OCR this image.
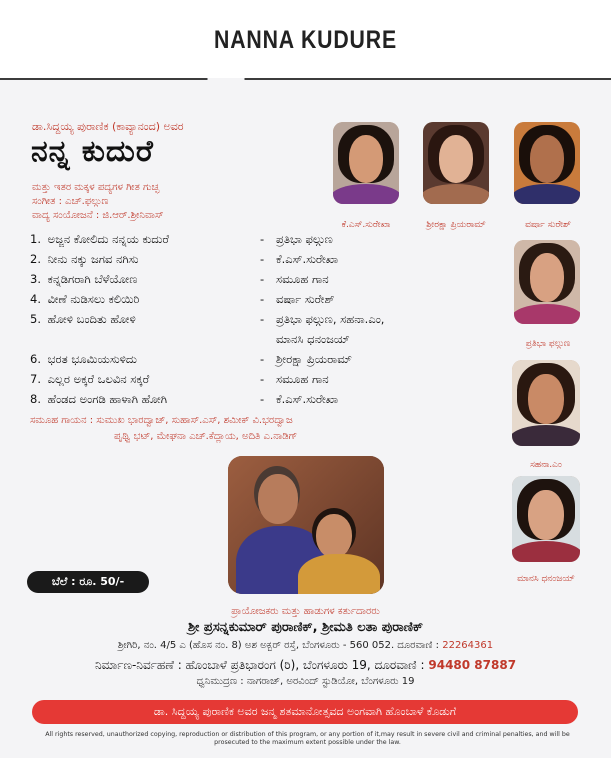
NANNA KUDURE
ಡಾ.ಸಿದ್ದಯ್ಯ ಪುರಾಣಿಕ (ಕಾವ್ಯಾನಂದ) ಅವರ
ನನ್ನ ಕುದುರೆ
ಮತ್ತು ಇತರ ಮಕ್ಕಳ ಪದ್ಯಗಳ ಗೀತ ಗುಚ್ಛ
ಸಂಗೀತ : ಎಚ್.ಫಲ್ಗುಣ
ವಾದ್ಯ ಸಂಯೋಜನೆ : ಜಿ.ಆರ್.ಶ್ರೀನಿವಾಸ್
ಕೆ.ಎಸ್.ಸುರೇಖಾ	ಶ್ರೀರಕ್ಷಾ ಪ್ರಿಯರಾಮ್	ವರ್ಷಾ ಸುರೇಶ್
ಪ್ರತಿಭಾ ಫಲ್ಗುಣ
ಸಹನಾ.ಎಂ
ಮಾನಸಿ ಧನಂಜಯ್
1. ಅಜ್ಜನ ಕೋಲಿದು ನನ್ನಯ ಕುದುರೆ	- ಪ್ರತಿಭಾ ಫಲ್ಗುಣ
2. ನೀನು ನಕ್ಕು ಜಗವ ನಗಿಸು	- ಕೆ.ಎಸ್.ಸುರೇಖಾ
3. ಕನ್ನಡಿಗರಾಗಿ ಬೆಳೆಯೋಣ	- ಸಮೂಹ ಗಾನ
4. ವೀಣೆ ನುಡಿಸಲು ಕಲಿಯಿರಿ	- ವರ್ಷಾ ಸುರೇಶ್
5. ಹೋಳಿ ಬಂದಿತು ಹೋಳಿ	- ಪ್ರತಿಭಾ ಫಲ್ಗುಣ, ಸಹನಾ.ಎಂ,
ಮಾನಸಿ ಧನಂಜಯ್
6. ಭರತ ಭೂಮಿಯಸುಳಿದು	- ಶ್ರೀರಕ್ಷಾ ಪ್ರಿಯರಾಮ್
7. ಎಲ್ಲರ ಅಕ್ಕರೆ ಒಲವಿನ ಸಕ್ಕರೆ	- ಸಮೂಹ ಗಾನ
8. ಹೆಂಡದ ಅಂಗಡಿ ಹಾಳಾಗಿ ಹೋಗಿ	- ಕೆ.ಎಸ್.ಸುರೇಖಾ
ಸಮೂಹ ಗಾಯನ : ಸುಮುಖ ಭಾರದ್ವಾಜ್, ಸುಹಾಸ್.ಎಸ್, ಶಮೀಕ್ ವಿ.ಭರದ್ವಾಜ
ಪೃಥ್ವಿ ಭಟ್, ಮೇಘನಾ ಎಚ್.ಕೆದ್ಲಾಯ, ಅದಿತಿ ಎ.ನಾಡಿಗ್
ಬೆಲೆ : ರೂ. 50/-
ಪ್ರಾಯೋಜಕರು ಮತ್ತು ಹಾಡುಗಳ ಕರ್ತುದಾರರು
ಶ್ರೀ ಪ್ರಸನ್ನಕುಮಾರ್ ಪುರಾಣಿಕ್, ಶ್ರೀಮತಿ ಲತಾ ಪುರಾಣಿಕ್
ಶ್ರೀಗಿರಿ, ನಂ. 4/5 ಎ (ಹೊಸ ನಂ. 8) ಅಶ ಅಕ್ಬರ್ ರಸ್ತೆ, ಬೆಂಗಳೂರು - 560 052. ದೂರವಾಣಿ : 22264361
ನಿರ್ಮಾಣ-ನಿರ್ವಹಣೆ : ಹೊಂಬಾಳೆ ಪ್ರತಿಭಾರಂಗ (ರಿ), ಬೆಂಗಳೂರು 19, ದೂರವಾಣಿ : 94480 87887
ಧ್ವನಿಮುದ್ರಣ : ನಾಗರಾಜ್, ಅರವಿಂದ್ ಸ್ಟುಡಿಯೋ, ಬೆಂಗಳೂರು 19
ಡಾ. ಸಿದ್ದಯ್ಯ ಪುರಾಣಿಕ ಅವರ ಜನ್ಮ ಶತಮಾನೋತ್ಸವದ ಅಂಗವಾಗಿ ಹೊಂಬಾಳೆ ಕೊಡುಗೆ
All rights reserved, unauthorized copying, reproduction or distribution of this program, or any portion of it,may result in severe civil and criminal penalties, and will be prosecuted to the maximum extent possible under the law.
